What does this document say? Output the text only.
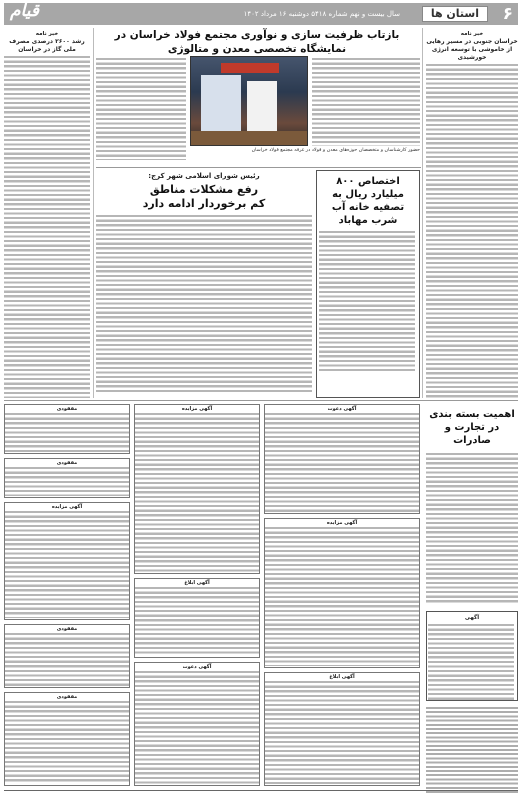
۶
استان ها
سال بیست و نهم شماره ۵۴۱۸ دوشنبه ۱۶ مرداد ۱۴۰۲
قیام
خبر نامه
خراسان جنوبی در مسیر رهایی از خاموشی با توسعه انرژی خورشیدی
خبر نامه
رشد ۲۶۰۰ درصدی مصرف ملی گاز در خراسان
بازتاب ظرفیت سازی و نوآوری مجتمع فولاد خراسان در نمایشگاه تخصصی معدن و متالوژی
حضور کارشناسان و متخصصان حوزه‌های معدن و فولاد در غرفه مجتمع فولاد خراسان
رئیس شورای اسلامی شهر کرج:
رفع مشکلات مناطق
کم برخوردار ادامه دارد
اختصاص ۸۰۰ میلیارد ریال به تصفیه خانه آب شرب مهاباد
اهمیت بسته بندی در تجارت و صادرات
آگهی
آگهی دعوت
آگهی مزایده
آگهی ابلاغ
آگهی مزایده
آگهی ابلاغ
آگهی دعوت
مفقودی
مفقودی
آگهی مزایده
مفقودی
مفقودی
